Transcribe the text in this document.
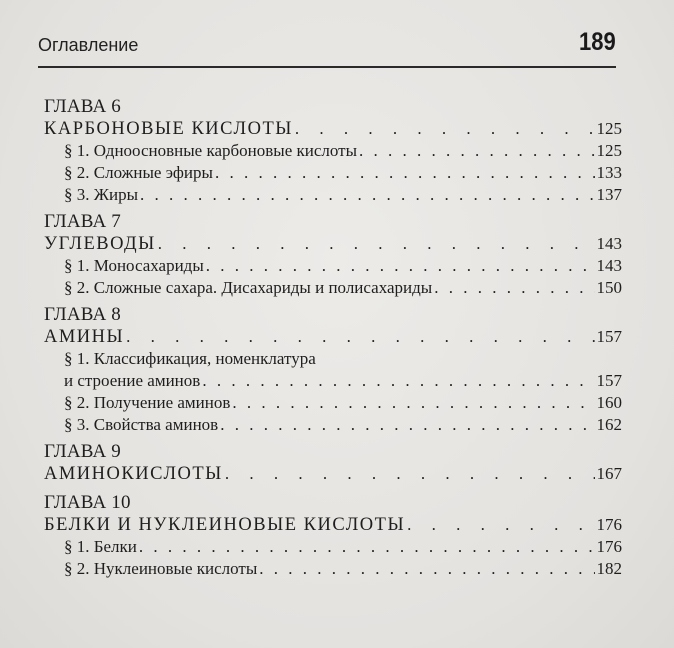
Оглавление	189
ГЛАВА 6
КАРБОНОВЫЕ КИСЛОТЫ . . .	125
§ 1. Одноосновные карбоновые кислоты . . .	125
§ 2. Сложные эфиры . . .	133
§ 3. Жиры . . .	137
ГЛАВА 7
УГЛЕВОДЫ . . .	143
§ 1. Моносахариды . . .	143
§ 2. Сложные сахара. Дисахариды и полисахариды . . .	150
ГЛАВА 8
АМИНЫ . . .	157
§ 1. Классификация, номенклатура
и строение аминов . . .	157
§ 2. Получение аминов . . .	160
§ 3. Свойства аминов . . .	162
ГЛАВА 9
АМИНОКИСЛОТЫ . . .	167
ГЛАВА 10
БЕЛКИ И НУКЛЕИНОВЫЕ КИСЛОТЫ . . .	176
§ 1. Белки . . .	176
§ 2. Нуклеиновые кислоты . . .	182
